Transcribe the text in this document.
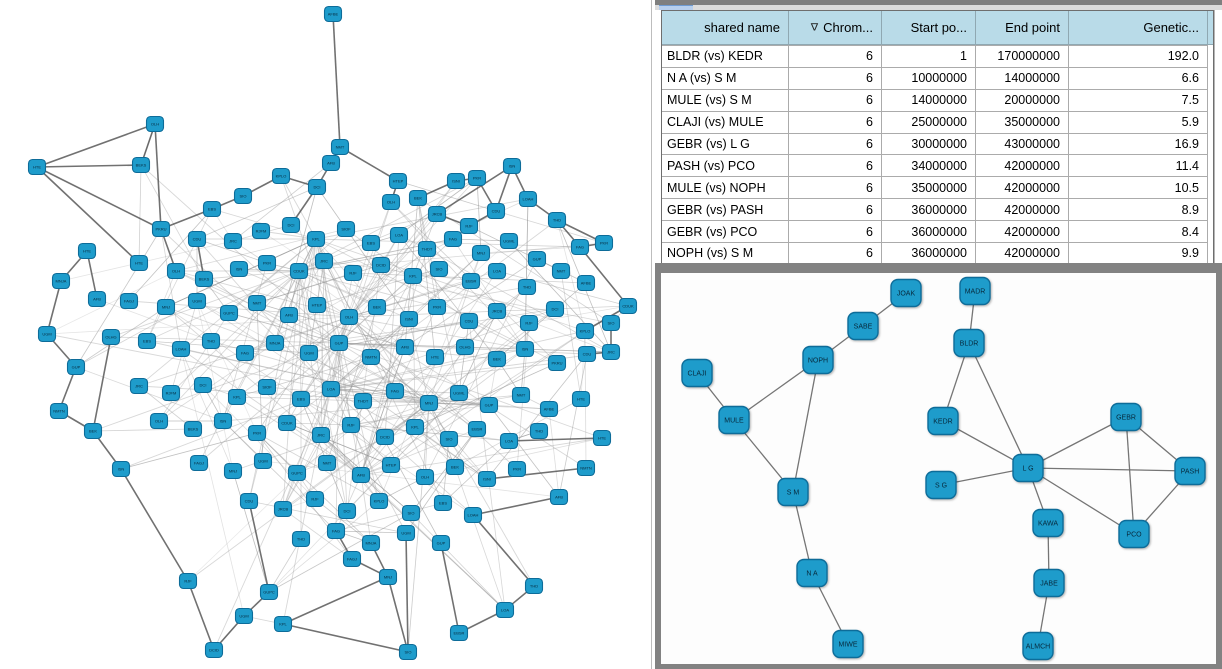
AFBE
HTE
OLH
BEKS	ISN
PKR
CDUK
JRC
RJF
DCID
KPL
SIO
EBSR
LOA
THD
FAGJ
MNJ
UGM
GUPC
NMT
AFB
HTEP
OLH
BEK
ISNI
PKR
CDU
JRCB
RJF
DCI
KPLO
SIO
EBS
LOAH
THD
FAG
MNJA
UGM
GUP
NMTN
AFB
HTE
OLHG
BEK
ISN
PKRU
CDU	JRC
RJFM
DCI
KPL
SIOF
EBS
LOA
THDT
FAG
MNJ
UGML
GUP
NMT
AFBE
HTE
OLH
BEKS
ISN
PKR
CDUK
JRC
RJF
DCID
KPL
SIO
EBSR
LOA
THD
FAGJ
MNJ
UGM
GUPC
NMT
AFB
HTEP
OLH
BEK
ISNI
PKR
CDU
JRCB
RJF
DCI
KPLO
SIO
EBS
LOAH
THD
FAG
MNJA
UGM
GUP
NMTN
AFB
HTE
OLHG
BEK
ISN
PKRU
CDU
JRC
RJFM
DCI
KPL
SIOF
EBS
LOA
THDT
FAG
MNJ
UGML
GUP
NMT
AFBE
HTE
OLH
BEKS
ISN
PKR
CDUK
JRC
RJF
DCID
KPL
SIO
EBSR
LOA
THD
FAGJ
MNJ
UGM
GUPC
NMT
AFB
HTEP
OLH
BEK
ISNI
PKR
CDU
JRCB
RJF
DCI
KPLO
SIO
EBS
LOAH
THD
FAG
MNJA
UGM
GUP
NMTN
AFB
HTE
shared name	∇ Chrom...	Start po...	End point	Genetic...
BLDR (vs) KEDR	6	1	170000000	192.0
N A (vs) S M	6	10000000	14000000	6.6
MULE (vs) S M	6	14000000	20000000	7.5
CLAJI (vs) MULE	6	25000000	35000000	5.9
GEBR (vs) L G	6	30000000	43000000	16.9
PASH (vs) PCO	6	34000000	42000000	11.4
MULE (vs) NOPH	6	35000000	42000000	10.5
GEBR (vs) PASH	6	36000000	42000000	8.9
GEBR (vs) PCO	6	36000000	42000000	8.4
NOPH (vs) S M	6	36000000	42000000	9.9
JOAK	MADR
SABE
BLDR
NOPH
CLAJI
MULE	KEDR
GEBR
L G	PASH
S G
S M
KAWA
PCO
N A
JABE
MIWE	ALMCH
